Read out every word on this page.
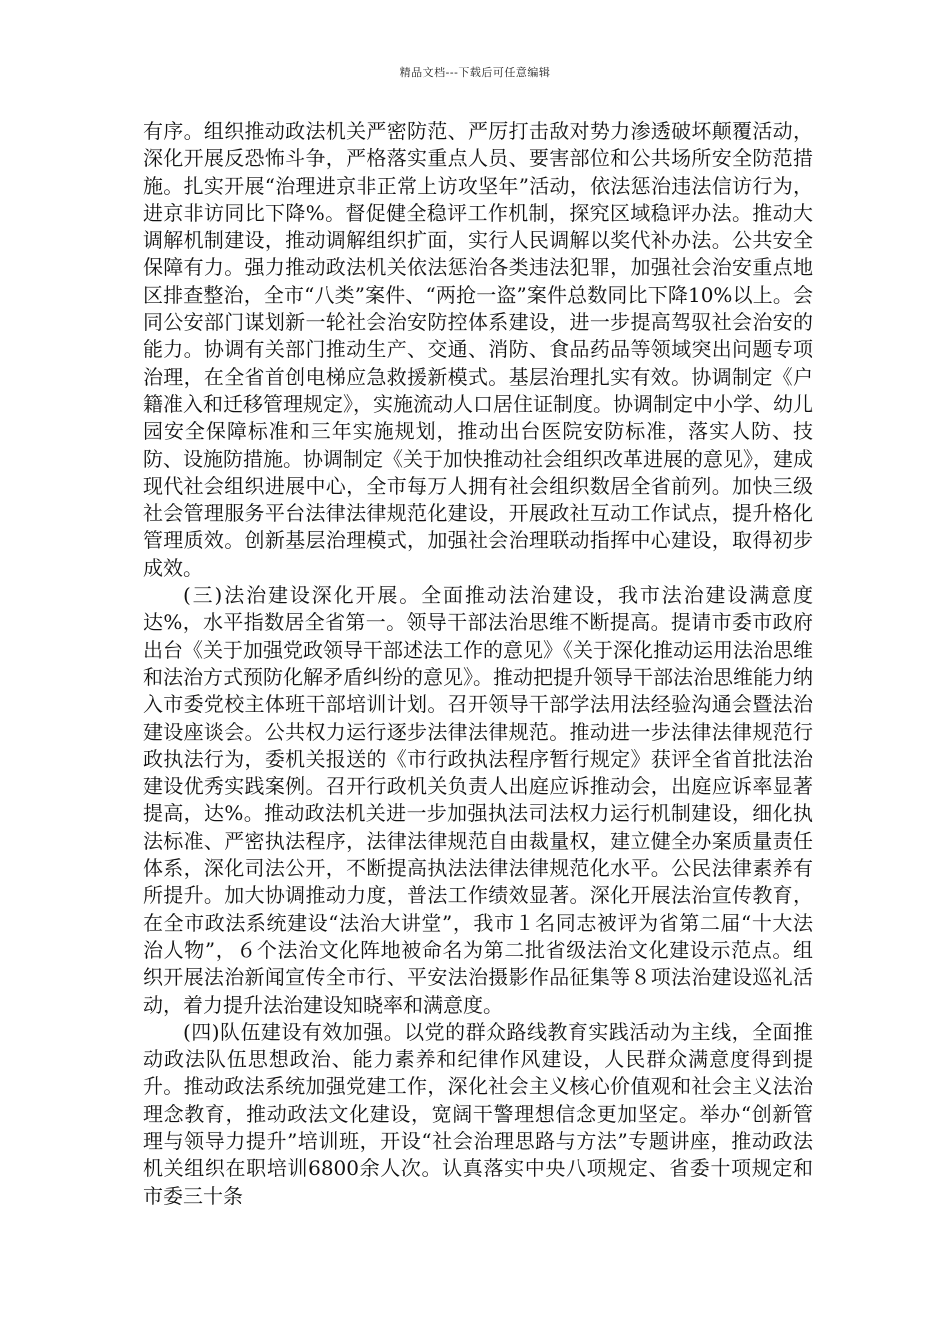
精品文档---下载后可任意编辑

有序。组织推动政法机关严密防范、严厉打击敌对势力渗透破坏颠覆活动，深化开展反恐怖斗争，严格落实重点人员、要害部位和公共场所安全防范措施。扎实开展“治理进京非正常上访攻坚年”活动，依法惩治违法信访行为，进京非访同比下降%。督促健全稳评工作机制，探究区域稳评办法。推动大调解机制建设，推动调解组织扩面，实行人民调解以奖代补办法。公共安全保障有力。强力推动政法机关依法惩治各类违法犯罪，加强社会治安重点地区排查整治，全市“八类”案件、“两抢一盗”案件总数同比下降10%以上。会同公安部门谋划新一轮社会治安防控体系建设，进一步提高驾驭社会治安的能力。协调有关部门推动生产、交通、消防、食品药品等领域突出问题专项治理，在全省首创电梯应急救援新模式。基层治理扎实有效。协调制定《户籍准入和迁移管理规定》，实施流动人口居住证制度。协调制定中小学、幼儿园安全保障标准和三年实施规划，推动出台医院安防标准，落实人防、技防、设施防措施。协调制定《关于加快推动社会组织改革进展的意见》，建成现代社会组织进展中心，全市每万人拥有社会组织数居全省前列。加快三级社会管理服务平台法律法律规范化建设，开展政社互动工作试点，提升格化管理质效。创新基层治理模式，加强社会治理联动指挥中心建设，取得初步成效。

(三)法治建设深化开展。全面推动法治建设，我市法治建设满意度达%，水平指数居全省第一。领导干部法治思维不断提高。提请市委市政府出台《关于加强党政领导干部述法工作的意见》《关于深化推动运用法治思维和法治方式预防化解矛盾纠纷的意见》。推动把提升领导干部法治思维能力纳入市委党校主体班干部培训计划。召开领导干部学法用法经验沟通会暨法治建设座谈会。公共权力运行逐步法律法律规范。推动进一步法律法律规范行政执法行为，委机关报送的《市行政执法程序暂行规定》获评全省首批法治建设优秀实践案例。召开行政机关负责人出庭应诉推动会，出庭应诉率显著提高，达%。推动政法机关进一步加强执法司法权力运行机制建设，细化执法标准、严密执法程序，法律法律规范自由裁量权，建立健全办案质量责任体系，深化司法公开，不断提高执法法律法律规范化水平。公民法律素养有所提升。加大协调推动力度，普法工作绩效显著。深化开展法治宣传教育，在全市政法系统建设“法治大讲堂”，我市１名同志被评为省第二届“十大法治人物”，６个法治文化阵地被命名为第二批省级法治文化建设示范点。组织开展法治新闻宣传全市行、平安法治摄影作品征集等８项法治建设巡礼活动，着力提升法治建设知晓率和满意度。

(四)队伍建设有效加强。以党的群众路线教育实践活动为主线，全面推动政法队伍思想政治、能力素养和纪律作风建设，人民群众满意度得到提升。推动政法系统加强党建工作，深化社会主义核心价值观和社会主义法治理念教育，推动政法文化建设，宽阔干警理想信念更加坚定。举办“创新管理与领导力提升”培训班，开设“社会治理思路与方法”专题讲座，推动政法机关组织在职培训6800余人次。认真落实中央八项规定、省委十项规定和市委三十条
